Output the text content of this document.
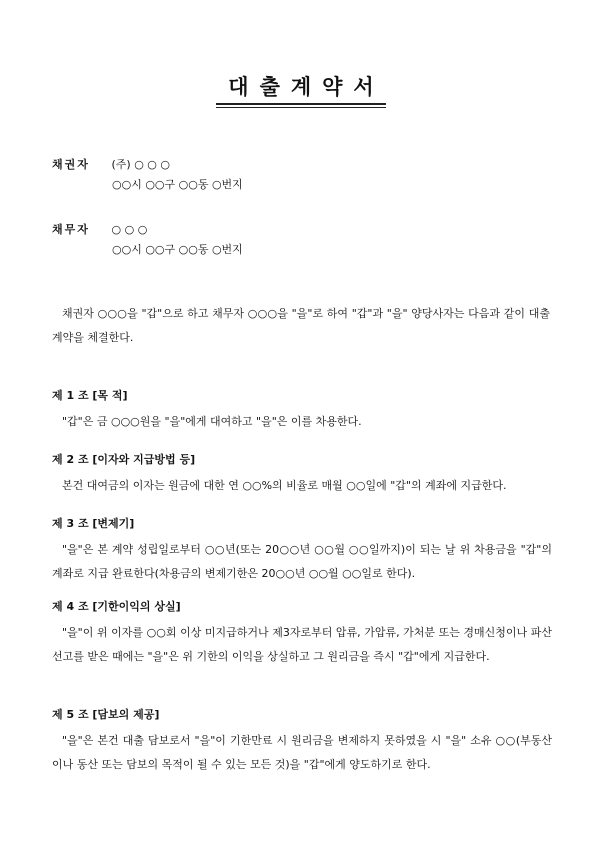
대출계약서
채권자 (주) ○ ○ ○
○○시 ○○구 ○○동 ○번지
채무자 ○ ○ ○
○○시 ○○구 ○○동 ○번지
채권자 ○○○을 "갑"으로 하고 채무자 ○○○을 "을"로 하여 "갑"과 "을" 양당사자는 다음과 같이 대출계약을 체결한다.
제 1 조 [목 적]
"갑"은 금 ○○○원을 "을"에게 대여하고 "을"은 이를 차용한다.
제 2 조 [이자와 지급방법 등]
본건 대여금의 이자는 원금에 대한 연 ○○%의 비율로 매월 ○○일에 "갑"의 계좌에 지급한다.
제 3 조 [변제기]
"을"은 본 계약 성립일로부터 ○○년(또는 20○○년 ○○월 ○○일까지)이 되는 날 위 차용금을 "갑"의 계좌로 지급 완료한다(차용금의 변제기한은 20○○년 ○○월 ○○일로 한다).
제 4 조 [기한이익의 상실]
"을"이 위 이자를 ○○회 이상 미지급하거나 제3자로부터 압류, 가압류, 가처분 또는 경매신청이나 파산선고를 받은 때에는 "을"은 위 기한의 이익을 상실하고 그 원리금을 즉시 "갑"에게 지급한다.
제 5 조 [담보의 제공]
"을"은 본건 대출 담보로서 "을"이 기한만료 시 원리금을 변제하지 못하였을 시 "을" 소유 ○○(부동산이나 동산 또는 담보의 목적이 될 수 있는 모든 것)을 "갑"에게 양도하기로 한다.
